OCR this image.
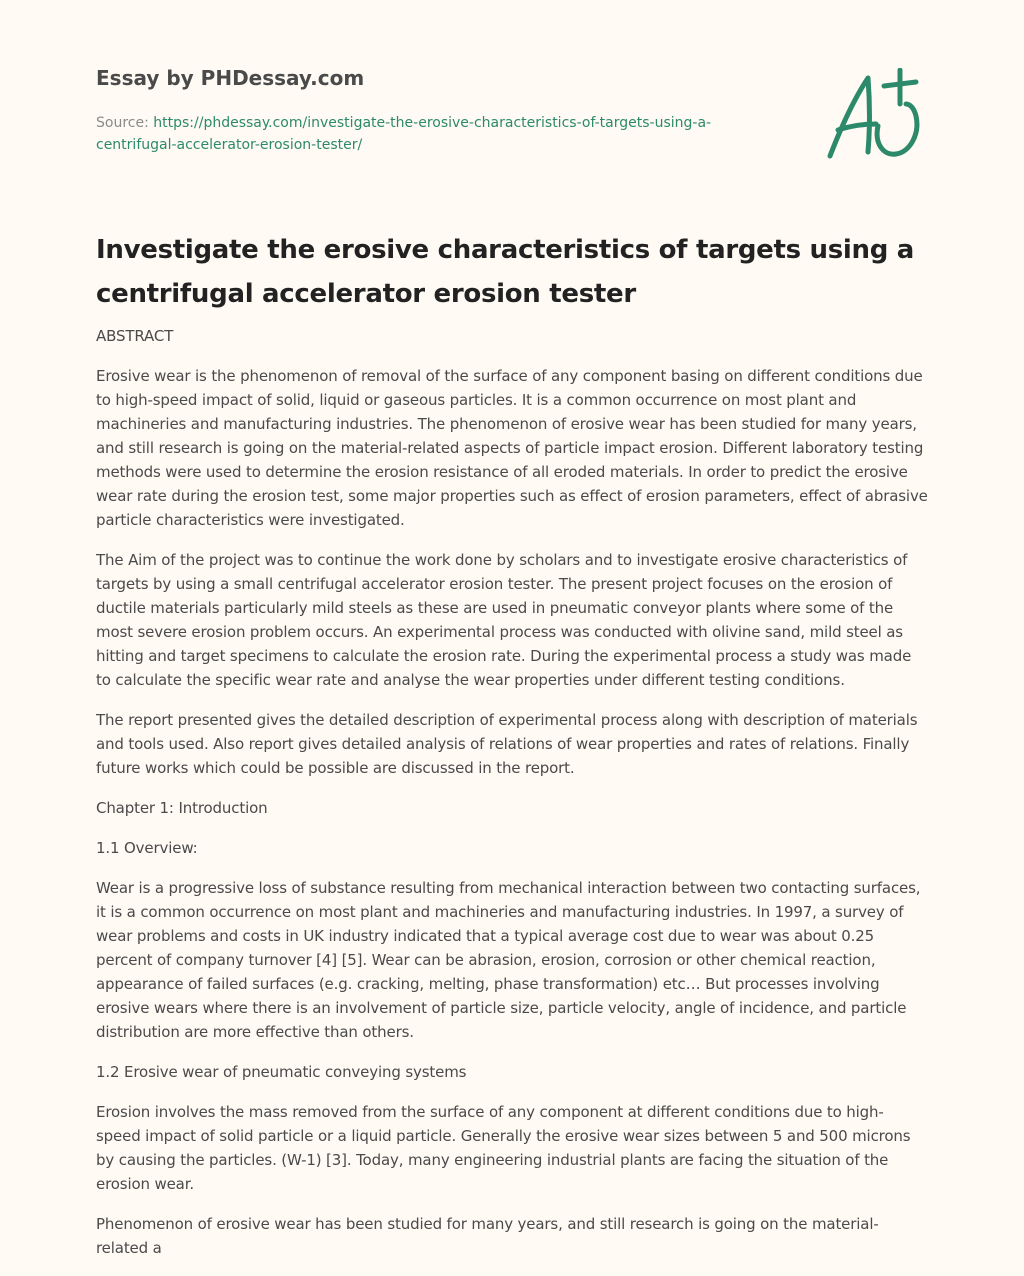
Essay by PHDessay.com
Source: https://phdessay.com/investigate-the-erosive-characteristics-of-targets-using-a-centrifugal-accelerator-erosion-tester/
Investigate the erosive characteristics of targets using a centrifugal accelerator erosion tester

ABSTRACT

Erosive wear is the phenomenon of removal of the surface of any component basing on different conditions due to high-speed impact of solid, liquid or gaseous particles. It is a common occurrence on most plant and machineries and manufacturing industries. The phenomenon of erosive wear has been studied for many years, and still research is going on the material-related aspects of particle impact erosion. Different laboratory testing methods were used to determine the erosion resistance of all eroded materials. In order to predict the erosive wear rate during the erosion test, some major properties such as effect of erosion parameters, effect of abrasive particle characteristics were investigated.

The Aim of the project was to continue the work done by scholars and to investigate erosive characteristics of targets by using a small centrifugal accelerator erosion tester. The present project focuses on the erosion of ductile materials particularly mild steels as these are used in pneumatic conveyor plants where some of the most severe erosion problem occurs. An experimental process was conducted with olivine sand, mild steel as hitting and target specimens to calculate the erosion rate. During the experimental process a study was made to calculate the specific wear rate and analyse the wear properties under different testing conditions.

The report presented gives the detailed description of experimental process along with description of materials and tools used. Also report gives detailed analysis of relations of wear properties and rates of relations. Finally future works which could be possible are discussed in the report.

Chapter 1: Introduction

1.1 Overview:

Wear is a progressive loss of substance resulting from mechanical interaction between two contacting surfaces, it is a common occurrence on most plant and machineries and manufacturing industries. In 1997, a survey of wear problems and costs in UK industry indicated that a typical average cost due to wear was about 0.25 percent of company turnover [4] [5]. Wear can be abrasion, erosion, corrosion or other chemical reaction, appearance of failed surfaces (e.g. cracking, melting, phase transformation) etc… But processes involving erosive wears where there is an involvement of particle size, particle velocity, angle of incidence, and particle distribution are more effective than others.

1.2 Erosive wear of pneumatic conveying systems

Erosion involves the mass removed from the surface of any component at different conditions due to high-speed impact of solid particle or a liquid particle. Generally the erosive wear sizes between 5 and 500 microns by causing the particles. (W-1) [3]. Today, many engineering industrial plants are facing the situation of the erosion wear.

Phenomenon of erosive wear has been studied for many years, and still research is going on the material-related a
